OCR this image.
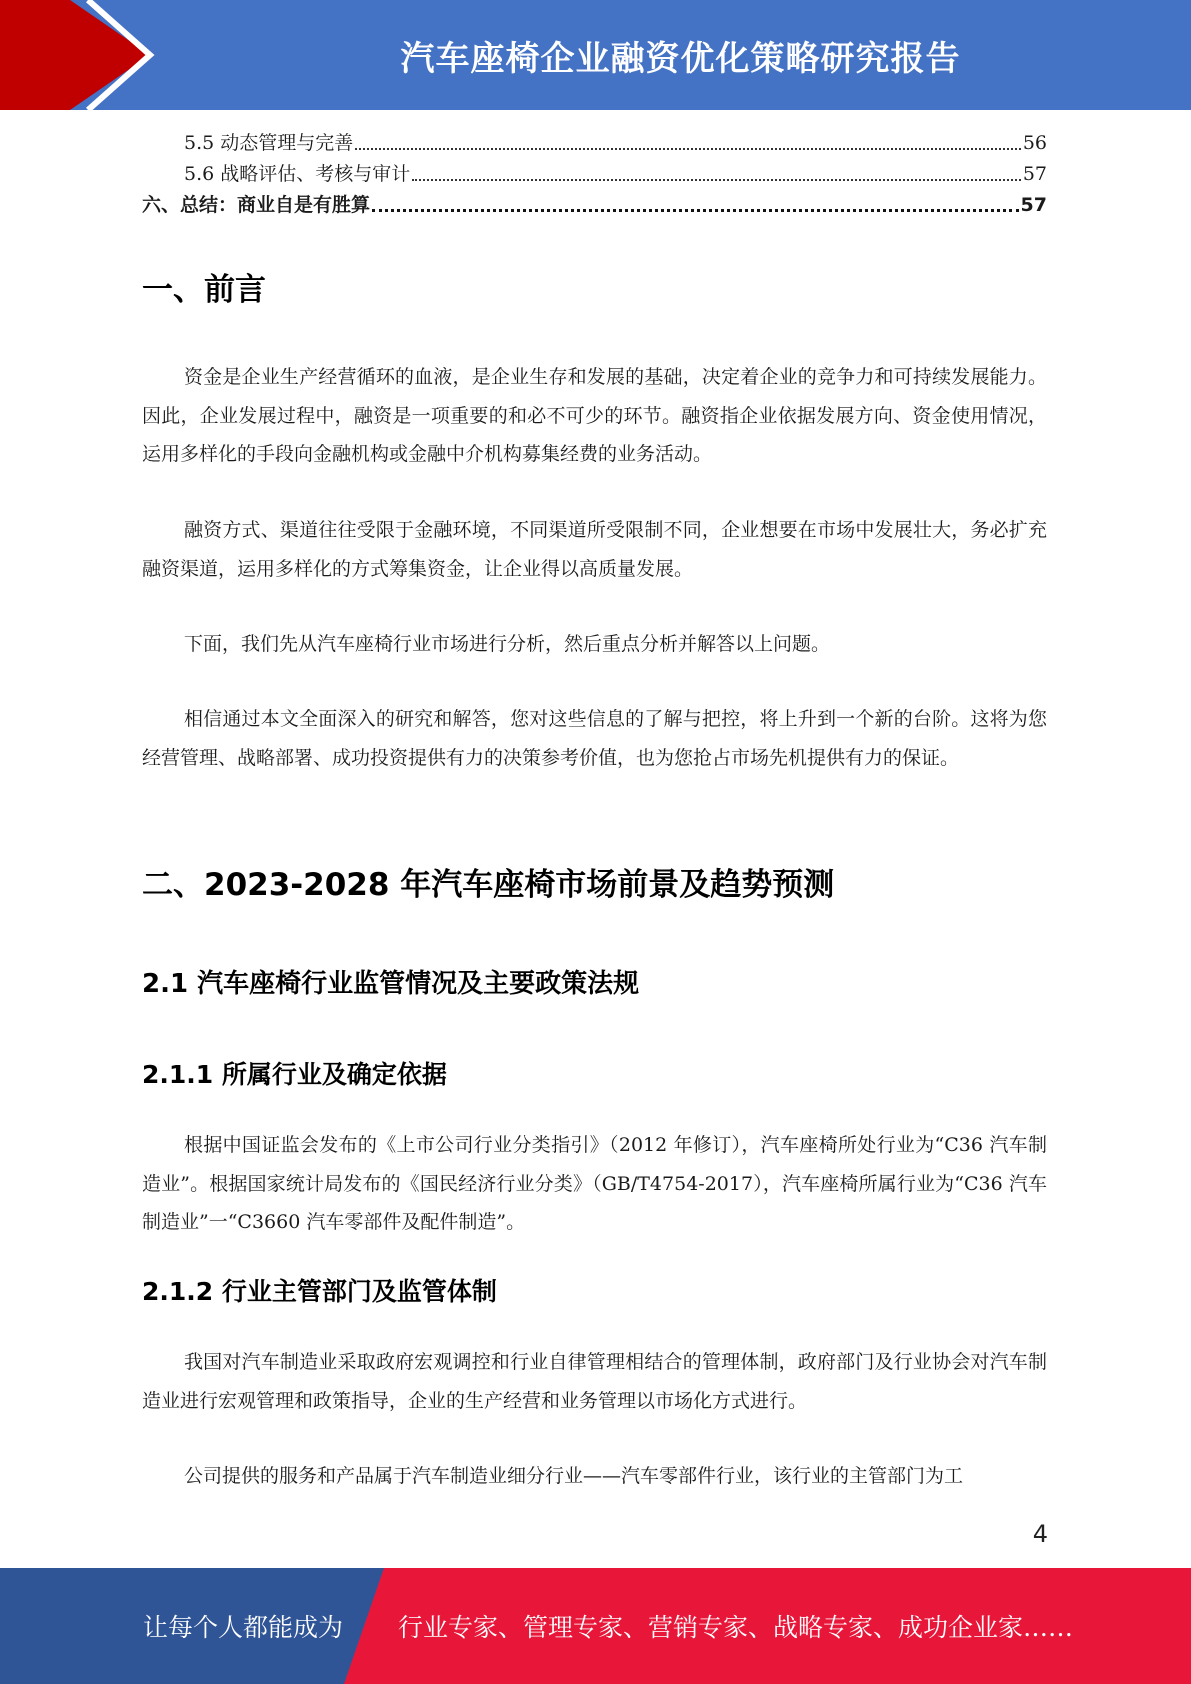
汽车座椅企业融资优化策略研究报告
5.5 动态管理与完善	56
5.6 战略评估、考核与审计	57
六、总结：商业自是有胜算	57
一、前言

资金是企业生产经营循环的血液，是企业生存和发展的基础，决定着企业的竞争力和可持续发展能力。因此，企业发展过程中，融资是一项重要的和必不可少的环节。融资指企业依据发展方向、资金使用情况，运用多样化的手段向金融机构或金融中介机构募集经费的业务活动。

融资方式、渠道往往受限于金融环境，不同渠道所受限制不同，企业想要在市场中发展壮大，务必扩充融资渠道，运用多样化的方式筹集资金，让企业得以高质量发展。

下面，我们先从汽车座椅行业市场进行分析，然后重点分析并解答以上问题。

相信通过本文全面深入的研究和解答，您对这些信息的了解与把控，将上升到一个新的台阶。这将为您经营管理、战略部署、成功投资提供有力的决策参考价值，也为您抢占市场先机提供有力的保证。

二、2023-2028 年汽车座椅市场前景及趋势预测
2.1 汽车座椅行业监管情况及主要政策法规
2.1.1 所属行业及确定依据

根据中国证监会发布的《上市公司行业分类指引》（2012 年修订），汽车座椅所处行业为“C36 汽车制造业”。根据国家统计局发布的《国民经济行业分类》（GB/T4754-2017），汽车座椅所属行业为“C36 汽车制造业”一“C3660 汽车零部件及配件制造”。

2.1.2 行业主管部门及监管体制

我国对汽车制造业采取政府宏观调控和行业自律管理相结合的管理体制，政府部门及行业协会对汽车制造业进行宏观管理和政策指导，企业的生产经营和业务管理以市场化方式进行。

公司提供的服务和产品属于汽车制造业细分行业——汽车零部件行业，该行业的主管部门为工

4
让每个人都能成为 行业专家、管理专家、营销专家、战略专家、成功企业家……
